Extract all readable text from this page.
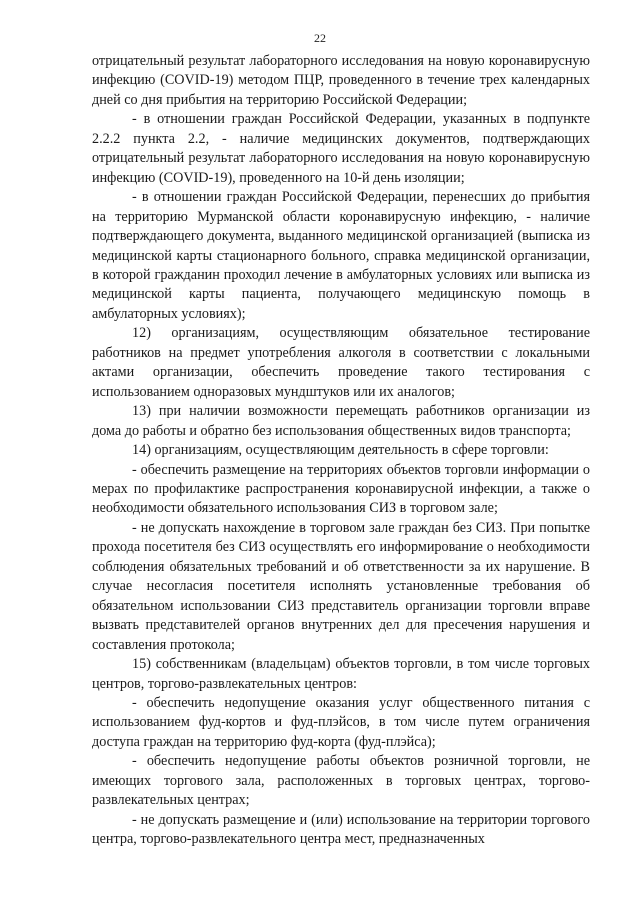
22

отрицательный результат лабораторного исследования на новую коронавирусную инфекцию (COVID-19) методом ПЦР, проведенного в течение трех календарных дней со дня прибытия на территорию Российской Федерации;

- в отношении граждан Российской Федерации, указанных в подпункте 2.2.2 пункта 2.2, - наличие медицинских документов, подтверждающих отрицательный результат лабораторного исследования на новую коронавирусную инфекцию (COVID-19), проведенного на 10-й день изоляции;

- в отношении граждан Российской Федерации, перенесших до прибытия на территорию Мурманской области коронавирусную инфекцию, - наличие подтверждающего документа, выданного медицинской организацией (выписка из медицинской карты стационарного больного, справка медицинской организации, в которой гражданин проходил лечение в амбулаторных условиях или выписка из медицинской карты пациента, получающего медицинскую помощь в амбулаторных условиях);

12) организациям, осуществляющим обязательное тестирование работников на предмет употребления алкоголя в соответствии с локальными актами организации, обеспечить проведение такого тестирования с использованием одноразовых мундштуков или их аналогов;

13) при наличии возможности перемещать работников организации из дома до работы и обратно без использования общественных видов транспорта;

14) организациям, осуществляющим деятельность в сфере торговли:

- обеспечить размещение на территориях объектов торговли информации о мерах по профилактике распространения коронавирусной инфекции, а также о необходимости обязательного использования СИЗ в торговом зале;

- не допускать нахождение в торговом зале граждан без СИЗ. При попытке прохода посетителя без СИЗ осуществлять его информирование о необходимости соблюдения обязательных требований и об ответственности за их нарушение. В случае несогласия посетителя исполнять установленные требования об обязательном использовании СИЗ представитель организации торговли вправе вызвать представителей органов внутренних дел для пресечения нарушения и составления протокола;

15) собственникам (владельцам) объектов торговли, в том числе торговых центров, торгово-развлекательных центров:

- обеспечить недопущение оказания услуг общественного питания с использованием фуд-кортов и фуд-плэйсов, в том числе путем ограничения доступа граждан на территорию фуд-корта (фуд-плэйса);

- обеспечить недопущение работы объектов розничной торговли, не имеющих торгового зала, расположенных в торговых центрах, торгово-развлекательных центрах;

- не допускать размещение и (или) использование на территории торгового центра, торгово-развлекательного центра мест, предназначенных
